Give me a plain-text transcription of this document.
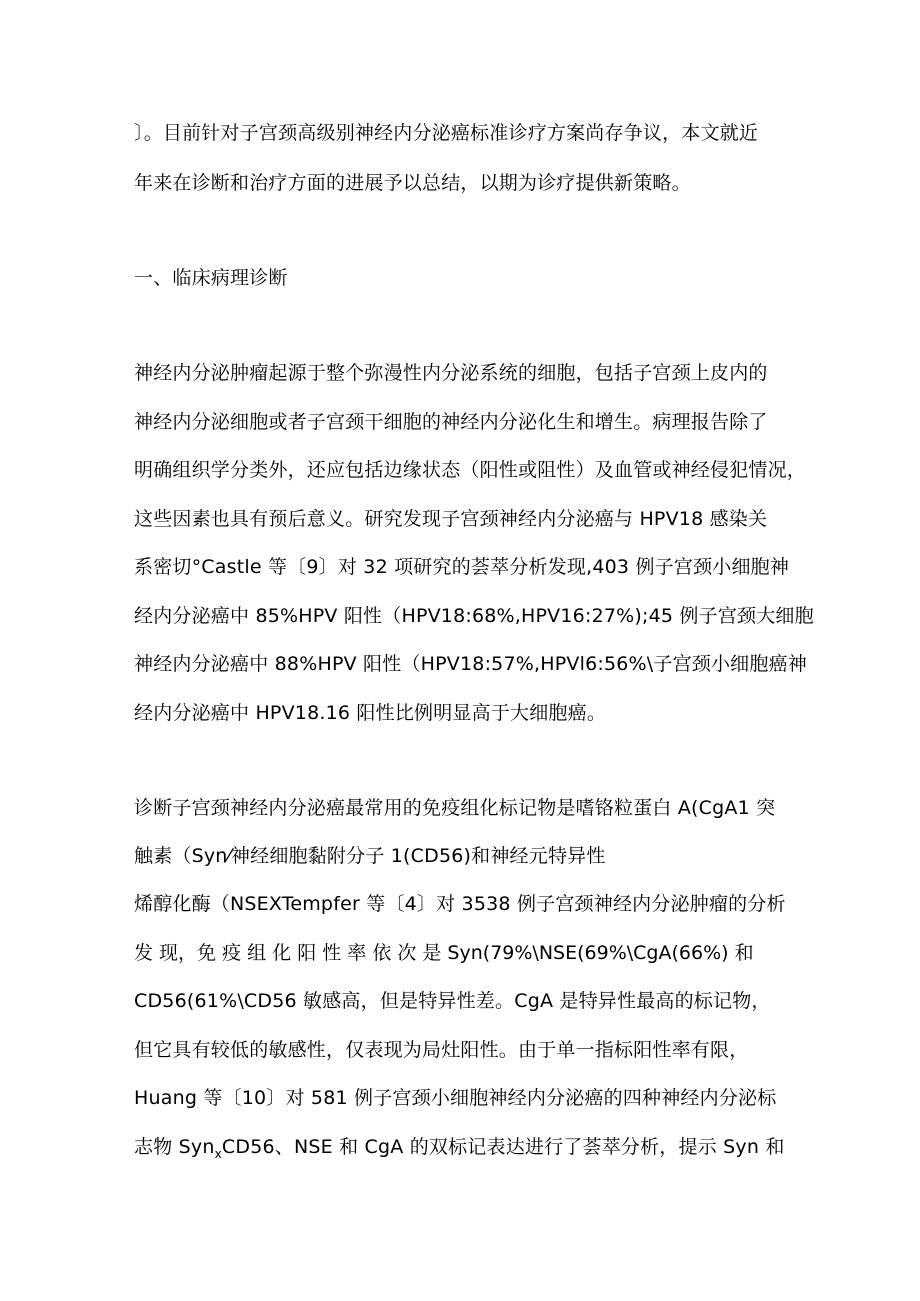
〕。目前针对子宫颈高级别神经内分泌癌标准诊疗方案尚存争议，本文就近
年来在诊断和治疗方面的进展予以总结，以期为诊疗提供新策略。
一、临床病理诊断
神经内分泌肿瘤起源于整个弥漫性内分泌系统的细胞，包括子宫颈上皮内的
神经内分泌细胞或者子宫颈干细胞的神经内分泌化生和增生。病理报告除了
明确组织学分类外，还应包括边缘状态（阳性或阻性）及血管或神经侵犯情况，
这些因素也具有预后意义。研究发现子宫颈神经内分泌癌与 HPV18 感染关
系密切°Castle 等〔9〕对 32 项研究的荟萃分析发现,403 例子宫颈小细胞神
经内分泌癌中 85%HPV 阳性（HPV18:68%,HPV16:27%);45 例子宫颈大细胞
神经内分泌癌中 88%HPV 阳性（HPV18:57%,HPVl6:56%\子宫颈小细胞癌神
经内分泌癌中 HPV18.16 阳性比例明显高于大细胞癌。
诊断子宫颈神经内分泌癌最常用的免疫组化标记物是嗜铬粒蛋白 A(CgA1 突
触素（Syn⁄神经细胞黏附分子 1(CD56)和神经元特异性
烯醇化酶（NSEXTempfer 等〔4〕对 3538 例子宫颈神经内分泌肿瘤的分析
发 现，免 疫 组 化 阳 性 率 依 次 是 Syn(79%\NSE(69%\CgA(66%) 和
CD56(61%\CD56 敏感高，但是特异性差。CgA 是特异性最高的标记物，
但它具有较低的敏感性，仅表现为局灶阳性。由于单一指标阳性率有限，
Huang 等〔10〕对 581 例子宫颈小细胞神经内分泌癌的四种神经内分泌标
志物 Syn$_x$CD56、NSE 和 CgA 的双标记表达进行了荟萃分析，提示 Syn 和
